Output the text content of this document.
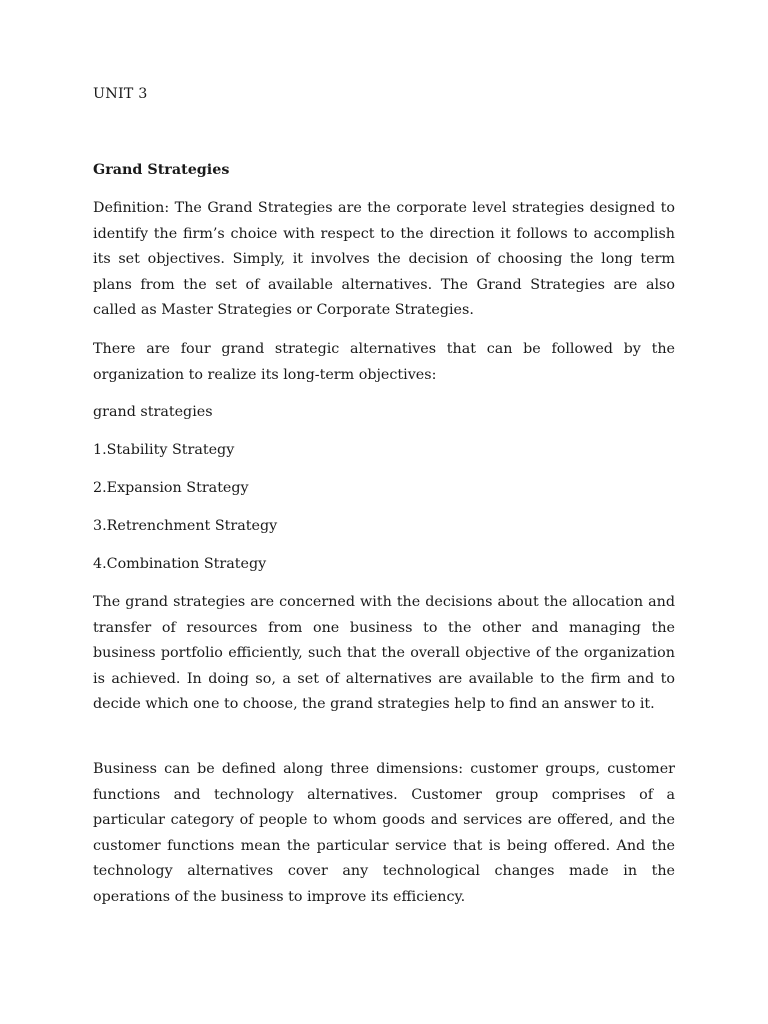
UNIT 3
Grand Strategies

Definition: The Grand Strategies are the corporate level strategies designed to identify the firm’s choice with respect to the direction it follows to accomplish its set objectives. Simply, it involves the decision of choosing the long term plans from the set of available alternatives. The Grand Strategies are also called as Master Strategies or Corporate Strategies.

There are four grand strategic alternatives that can be followed by the organization to realize its long-term objectives:

grand strategies

1.Stability Strategy

2.Expansion Strategy

3.Retrenchment Strategy

4.Combination Strategy

The grand strategies are concerned with the decisions about the allocation and transfer of resources from one business to the other and managing the business portfolio efficiently, such that the overall objective of the organization is achieved. In doing so, a set of alternatives are available to the firm and to decide which one to choose, the grand strategies help to find an answer to it.

Business can be defined along three dimensions: customer groups, customer functions and technology alternatives. Customer group comprises of a particular category of people to whom goods and services are offered, and the customer functions mean the particular service that is being offered. And the technology alternatives cover any technological changes made in the operations of the business to improve its efficiency.
